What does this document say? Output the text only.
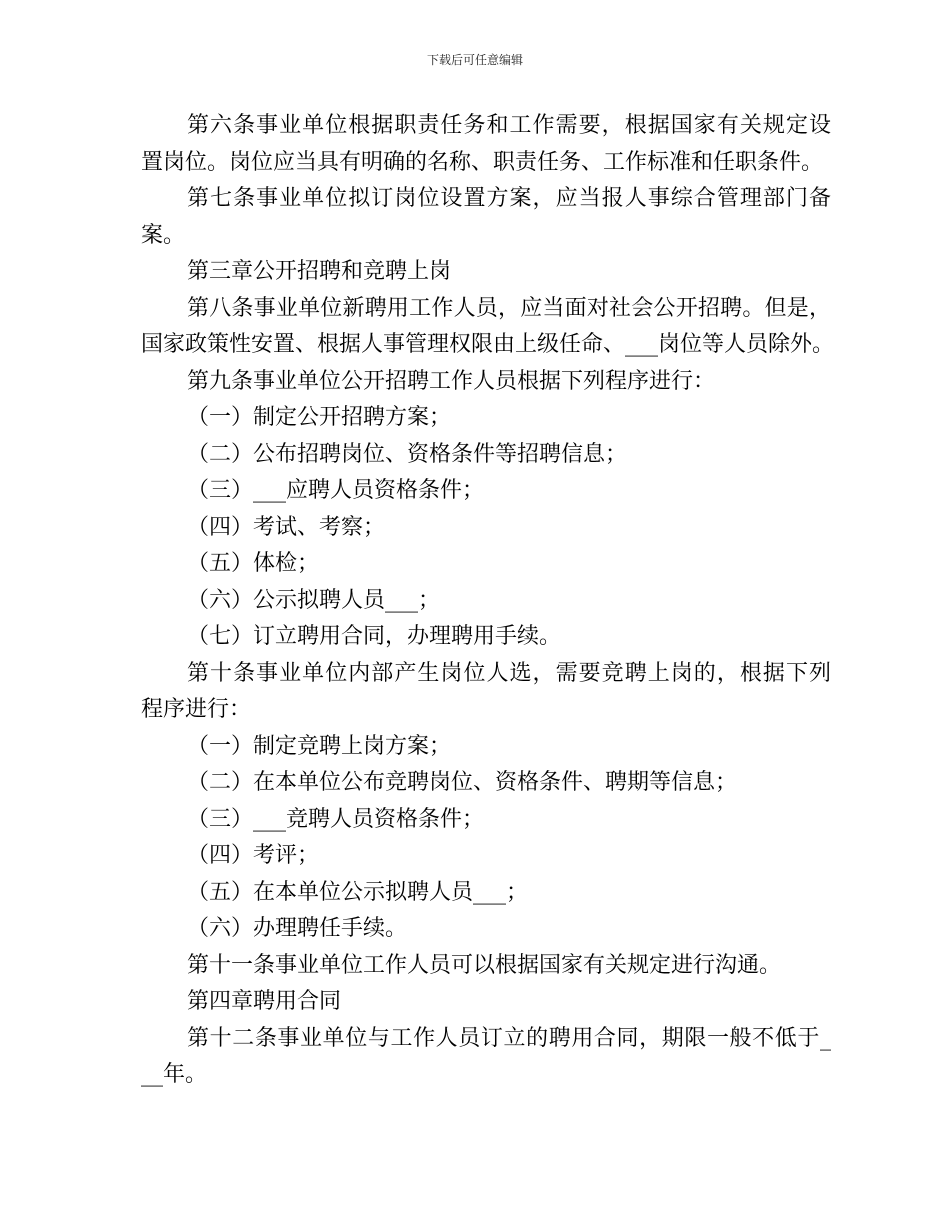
下载后可任意编辑
第六条事业单位根据职责任务和工作需要，根据国家有关规定设
置岗位。岗位应当具有明确的名称、职责任务、工作标准和任职条件。
第七条事业单位拟订岗位设置方案，应当报人事综合管理部门备
案。
第三章公开招聘和竞聘上岗
第八条事业单位新聘用工作人员，应当面对社会公开招聘。但是，
国家政策性安置、根据人事管理权限由上级任命、___岗位等人员除外。
第九条事业单位公开招聘工作人员根据下列程序进行：
（一）制定公开招聘方案；
（二）公布招聘岗位、资格条件等招聘信息；
（三）___应聘人员资格条件；
（四）考试、考察；
（五）体检；
（六）公示拟聘人员___；
（七）订立聘用合同，办理聘用手续。
第十条事业单位内部产生岗位人选，需要竞聘上岗的，根据下列
程序进行：
（一）制定竞聘上岗方案；
（二）在本单位公布竞聘岗位、资格条件、聘期等信息；
（三）___竞聘人员资格条件；
（四）考评；
（五）在本单位公示拟聘人员___；
（六）办理聘任手续。
第十一条事业单位工作人员可以根据国家有关规定进行沟通。
第四章聘用合同
第十二条事业单位与工作人员订立的聘用合同，期限一般不低于_
__年。
